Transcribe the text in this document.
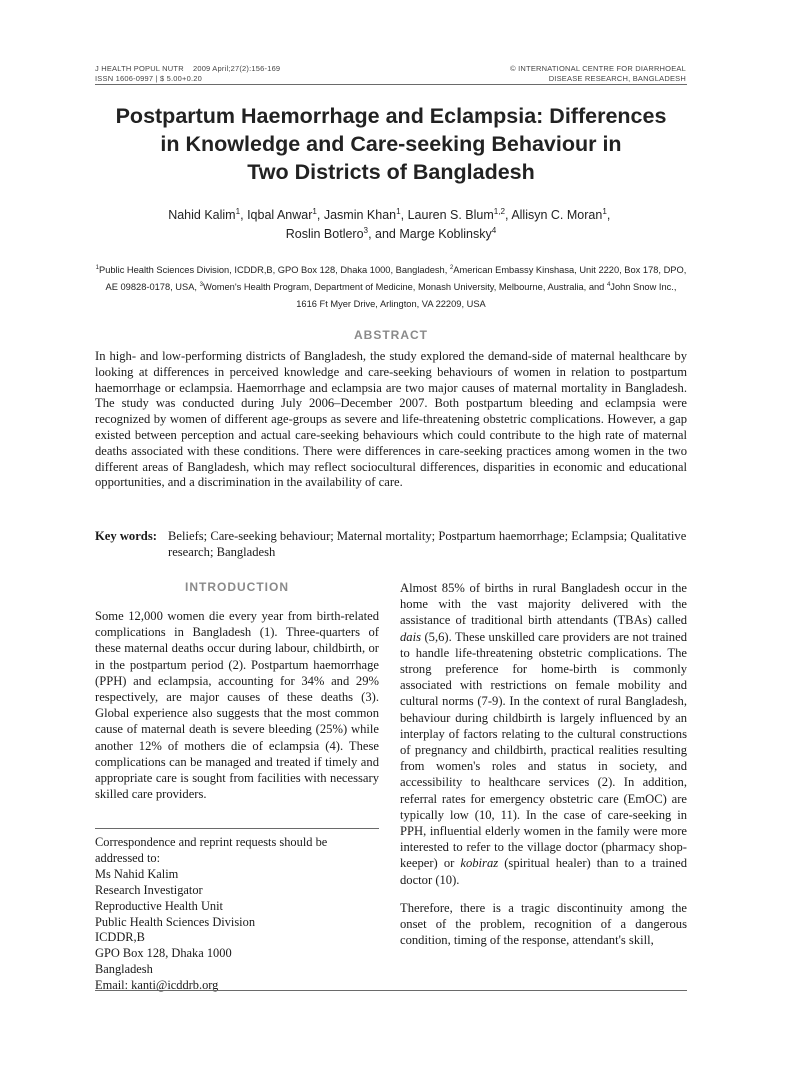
J HEALTH POPUL NUTR    2009 April;27(2):156-169
ISSN 1606-0997 | $ 5.00+0.20
© INTERNATIONAL CENTRE FOR DIARRHOEAL
DISEASE RESEARCH, BANGLADESH
Postpartum Haemorrhage and Eclampsia: Differences
in Knowledge and Care-seeking Behaviour in
Two Districts of Bangladesh
Nahid Kalim$^1$, Iqbal Anwar$^1$, Jasmin Khan$^1$, Lauren S. Blum$^{1,2}$, Allisyn C. Moran$^1$,
Roslin Botlero$^3$, and Marge Koblinsky$^4$
$^1$Public Health Sciences Division, ICDDR,B, GPO Box 128, Dhaka 1000, Bangladesh, $^2$American Embassy Kinshasa, Unit 2220, Box 178, DPO, AE 09828-0178, USA, $^3$Women's Health Program, Department of Medicine, Monash University, Melbourne, Australia, and $^4$John Snow Inc., 1616 Ft Myer Drive, Arlington, VA 22209, USA
ABSTRACT

In high- and low-performing districts of Bangladesh, the study explored the demand-side of maternal healthcare by looking at differences in perceived knowledge and care-seeking behaviours of women in relation to postpartum haemorrhage or eclampsia. Haemorrhage and eclampsia are two major causes of maternal mortality in Bangladesh. The study was conducted during July 2006–December 2007. Both postpartum bleeding and eclampsia were recognized by women of different age-groups as severe and life-threatening obstetric complications. However, a gap existed between perception and actual care-seeking behaviours which could contribute to the high rate of maternal deaths associated with these conditions. There were differences in care-seeking practices among women in the two different areas of Bangladesh, which may reflect sociocultural differences, disparities in economic and educational opportunities, and a discrimination in the availability of care.

Key words: Beliefs; Care-seeking behaviour; Maternal mortality; Postpartum haemorrhage; Eclampsia; Qualitative research; Bangladesh
INTRODUCTION

Some 12,000 women die every year from birth-related complications in Bangladesh (1). Three-quarters of these maternal deaths occur during labour, childbirth, or in the postpartum period (2). Postpartum haemorrhage (PPH) and eclampsia, accounting for 34% and 29% respectively, are major causes of these deaths (3). Global experience also suggests that the most common cause of maternal death is severe bleeding (25%) while another 12% of mothers die of eclampsia (4). These complications can be managed and treated if timely and appropriate care is sought from facilities with necessary skilled care providers.

Correspondence and reprint requests should be
addressed to:
Ms Nahid Kalim
Research Investigator
Reproductive Health Unit
Public Health Sciences Division
ICDDR,B
GPO Box 128, Dhaka 1000
Bangladesh
Email: kanti@icddrb.org

Almost 85% of births in rural Bangladesh occur in the home with the vast majority delivered with the assistance of traditional birth attendants (TBAs) called dais (5,6). These unskilled care providers are not trained to handle life-threatening obstetric complications. The strong preference for home-birth is commonly associated with restrictions on female mobility and cultural norms (7-9). In the context of rural Bangladesh, behaviour during childbirth is largely influenced by an interplay of factors relating to the cultural constructions of pregnancy and childbirth, practical realities resulting from women's roles and status in society, and accessibility to healthcare services (2). In addition, referral rates for emergency obstetric care (EmOC) are typically low (10, 11). In the case of care-seeking in PPH, influential elderly women in the family were more interested to refer to the village doctor (pharmacy shop-keeper) or kobiraz (spiritual healer) than to a trained doctor (10).

Therefore, there is a tragic discontinuity among the onset of the problem, recognition of a dangerous condition, timing of the response, attendant's skill,
